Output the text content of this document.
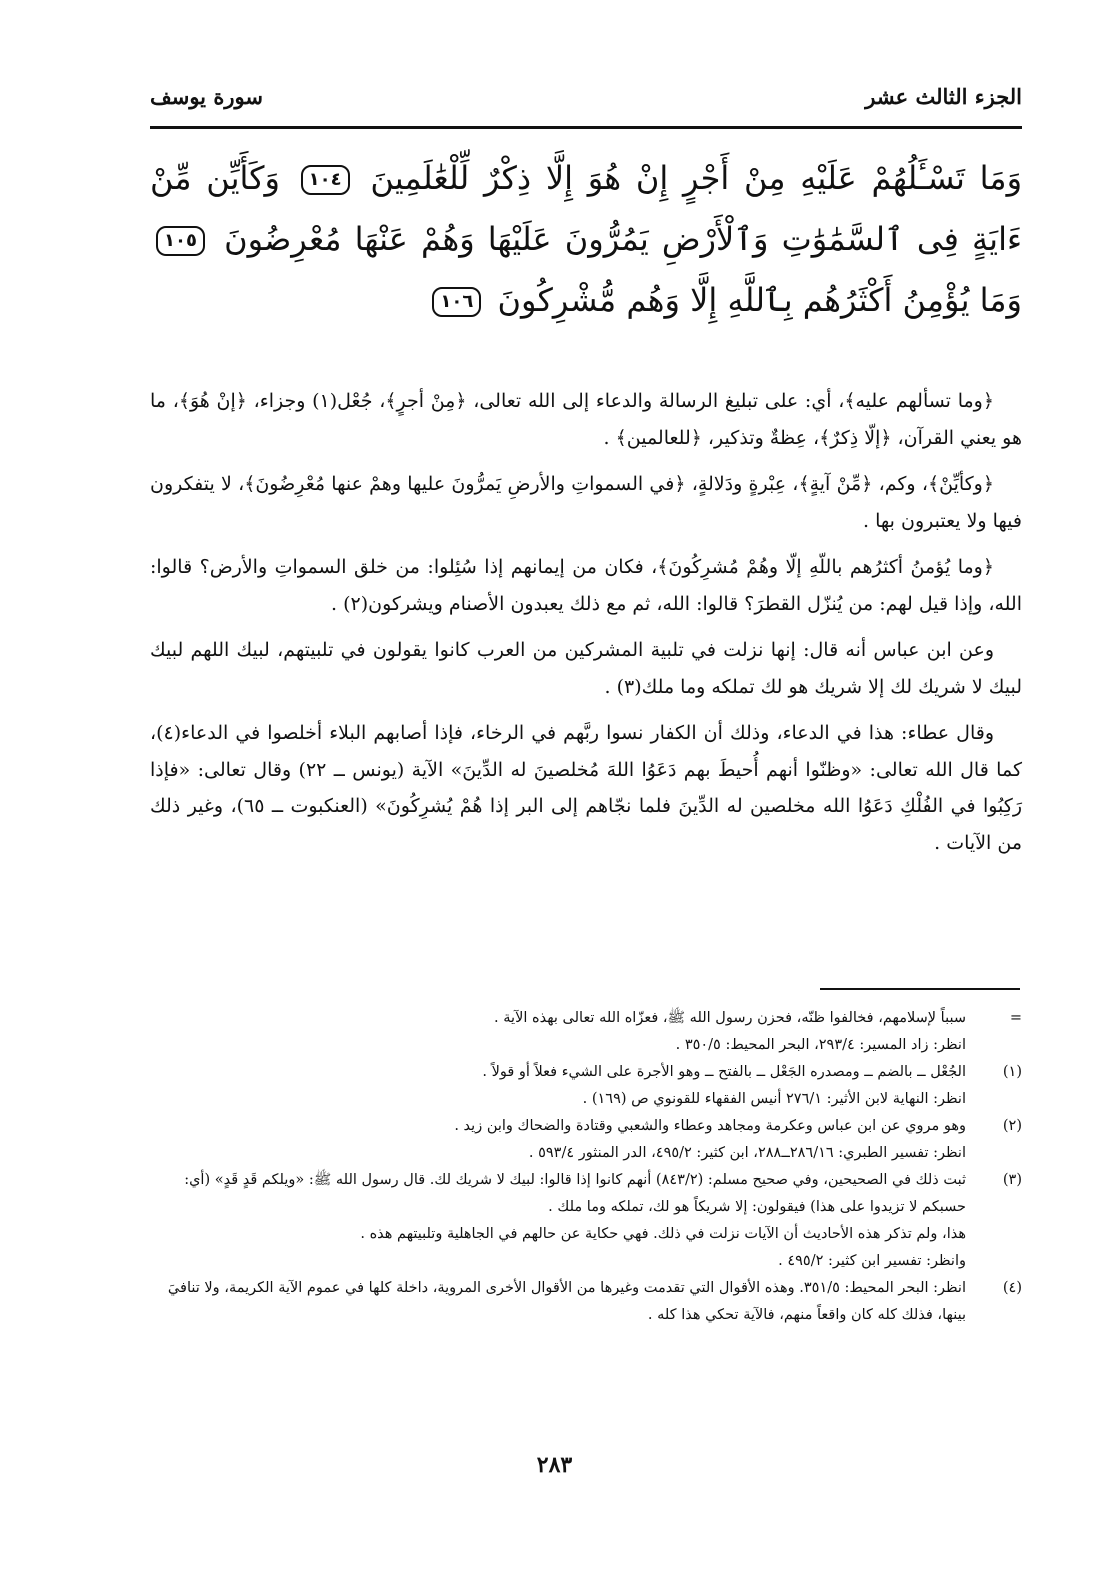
الجزء الثالث عشر
سورة يوسف
وَمَا تَسْـَٔلُهُمْ عَلَيْهِ مِنْ أَجْرٍ إِنْ هُوَ إِلَّا ذِكْرٌ لِّلْعَٰلَمِينَ ١٠٤ وَكَأَيِّن مِّنْ ءَايَةٍ فِى ٱلسَّمَٰوَٰتِ وَٱلْأَرْضِ يَمُرُّونَ عَلَيْهَا وَهُمْ عَنْهَا مُعْرِضُونَ ١٠٥ وَمَا يُؤْمِنُ أَكْثَرُهُم بِٱللَّهِ إِلَّا وَهُم مُّشْرِكُونَ ١٠٦

﴿وما تسألهم عليه﴾، أي: على تبليغ الرسالة والدعاء إلى الله تعالى، ﴿مِنْ أجرٍ﴾، جُعْل(١) وجزاء، ﴿إنْ هُوَ﴾، ما هو يعني القرآن، ﴿إلّا ذِكرٌ﴾، عِظةٌ وتذكير، ﴿للعالمين﴾ .

﴿وكأيِّنْ﴾، وكم، ﴿مِّنْ آيةٍ﴾، عِبْرةٍ ودَلالةٍ، ﴿في السمواتِ والأرضِ يَمرُّونَ عليها وهمْ عنها مُعْرِضُونَ﴾، لا يتفكرون فيها ولا يعتبرون بها .

﴿وما يُؤمنُ أكثرُهم باللّهِ إلّا وهُمْ مُشرِكُونَ﴾، فكان من إيمانهم إذا سُئِلوا: من خلق السمواتِ والأرض؟ قالوا: الله، وإذا قيل لهم: من يُنزّل القطرَ؟ قالوا: الله، ثم مع ذلك يعبدون الأصنام ويشركون(٢) .

وعن ابن عباس أنه قال: إنها نزلت في تلبية المشركين من العرب كانوا يقولون في تلبيتهم، لبيك اللهم لبيك لبيك لا شريك لك إلا شريك هو لك تملكه وما ملك(٣) .

وقال عطاء: هذا في الدعاء، وذلك أن الكفار نسوا ربَّهم في الرخاء، فإذا أصابهم البلاء أخلصوا في الدعاء(٤)، كما قال الله تعالى: «وظنّوا أنهم أُحيطَ بهم دَعَوُا اللهَ مُخلصينَ له الدِّينَ» الآية (يونس ــ ٢٢) وقال تعالى: «فإذا رَكِبُوا في الفُلْكِ دَعَوُا الله مخلصين له الدِّينَ فلما نجّاهم إلى البر إذا هُمْ يُشرِكُونَ» (العنكبوت ــ ٦٥)، وغير ذلك من الآيات .

=
سبباً لإسلامهم، فخالفوا ظنّه، فحزن رسول الله ﷺ، فعزّاه الله تعالى بهذه الآية .
انظر: زاد المسير: ٢٩٣/٤، البحر المحيط: ٣٥٠/٥ .
(١)
الجُعْل ــ بالضم ــ ومصدره الجَعْل ــ بالفتح ــ وهو الأجرة على الشيء فعلاً أو قولاً .
انظر: النهاية لابن الأثير: ٢٧٦/١ أنيس الفقهاء للقونوي ص (١٦٩) .
(٢)
وهو مروي عن ابن عباس وعكرمة ومجاهد وعطاء والشعبي وقتادة والضحاك وابن زيد .
انظر: تفسير الطبري: ٢٨٦/١٦ــ٢٨٨، ابن كثير: ٤٩٥/٢، الدر المنثور ٥٩٣/٤ .
(٣)
ثبت ذلك في الصحيحين، وفي صحيح مسلم: (٨٤٣/٢) أنهم كانوا إذا قالوا: لبيك لا شريك لك. قال رسول الله ﷺ: «ويلكم قَدٍ قَدٍ» (أي: حسبكم لا تزيدوا على هذا) فيقولون: إلا شريكاً هو لك، تملكه وما ملك .
هذا، ولم تذكر هذه الأحاديث أن الآيات نزلت في ذلك. فهي حكاية عن حالهم في الجاهلية وتلبيتهم هذه .
وانظر: تفسير ابن كثير: ٤٩٥/٢ .
(٤)
انظر: البحر المحيط: ٣٥١/٥. وهذه الأقوال التي تقدمت وغيرها من الأقوال الأخرى المروية، داخلة كلها في عموم الآية الكريمة، ولا تنافيَ بينها، فذلك كله كان واقعاً منهم، فالآية تحكي هذا كله .
٢٨٣
